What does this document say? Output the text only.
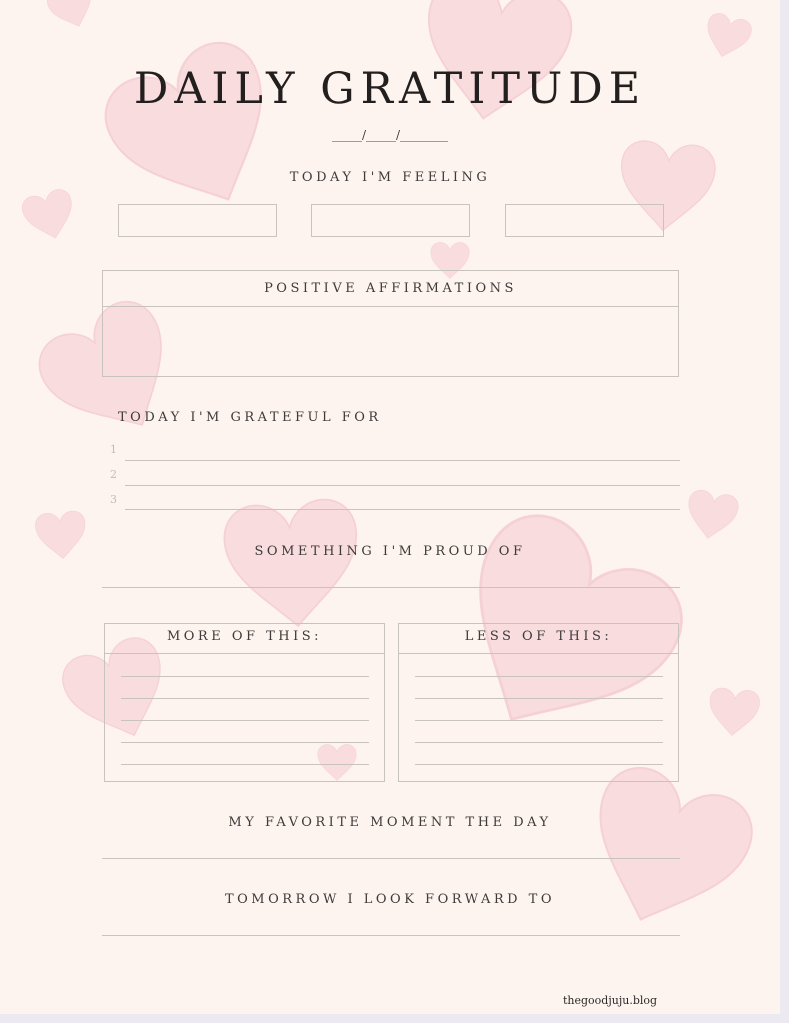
DAILY GRATITUDE
_____/_____/________
TODAY I'M FEELING
POSITIVE AFFIRMATIONS
TODAY I'M GRATEFUL FOR
1
2
3
SOMETHING I'M PROUD OF
MORE OF THIS:	LESS OF THIS:
MY FAVORITE MOMENT THE DAY
TOMORROW I LOOK FORWARD TO
thegoodjuju.blog
